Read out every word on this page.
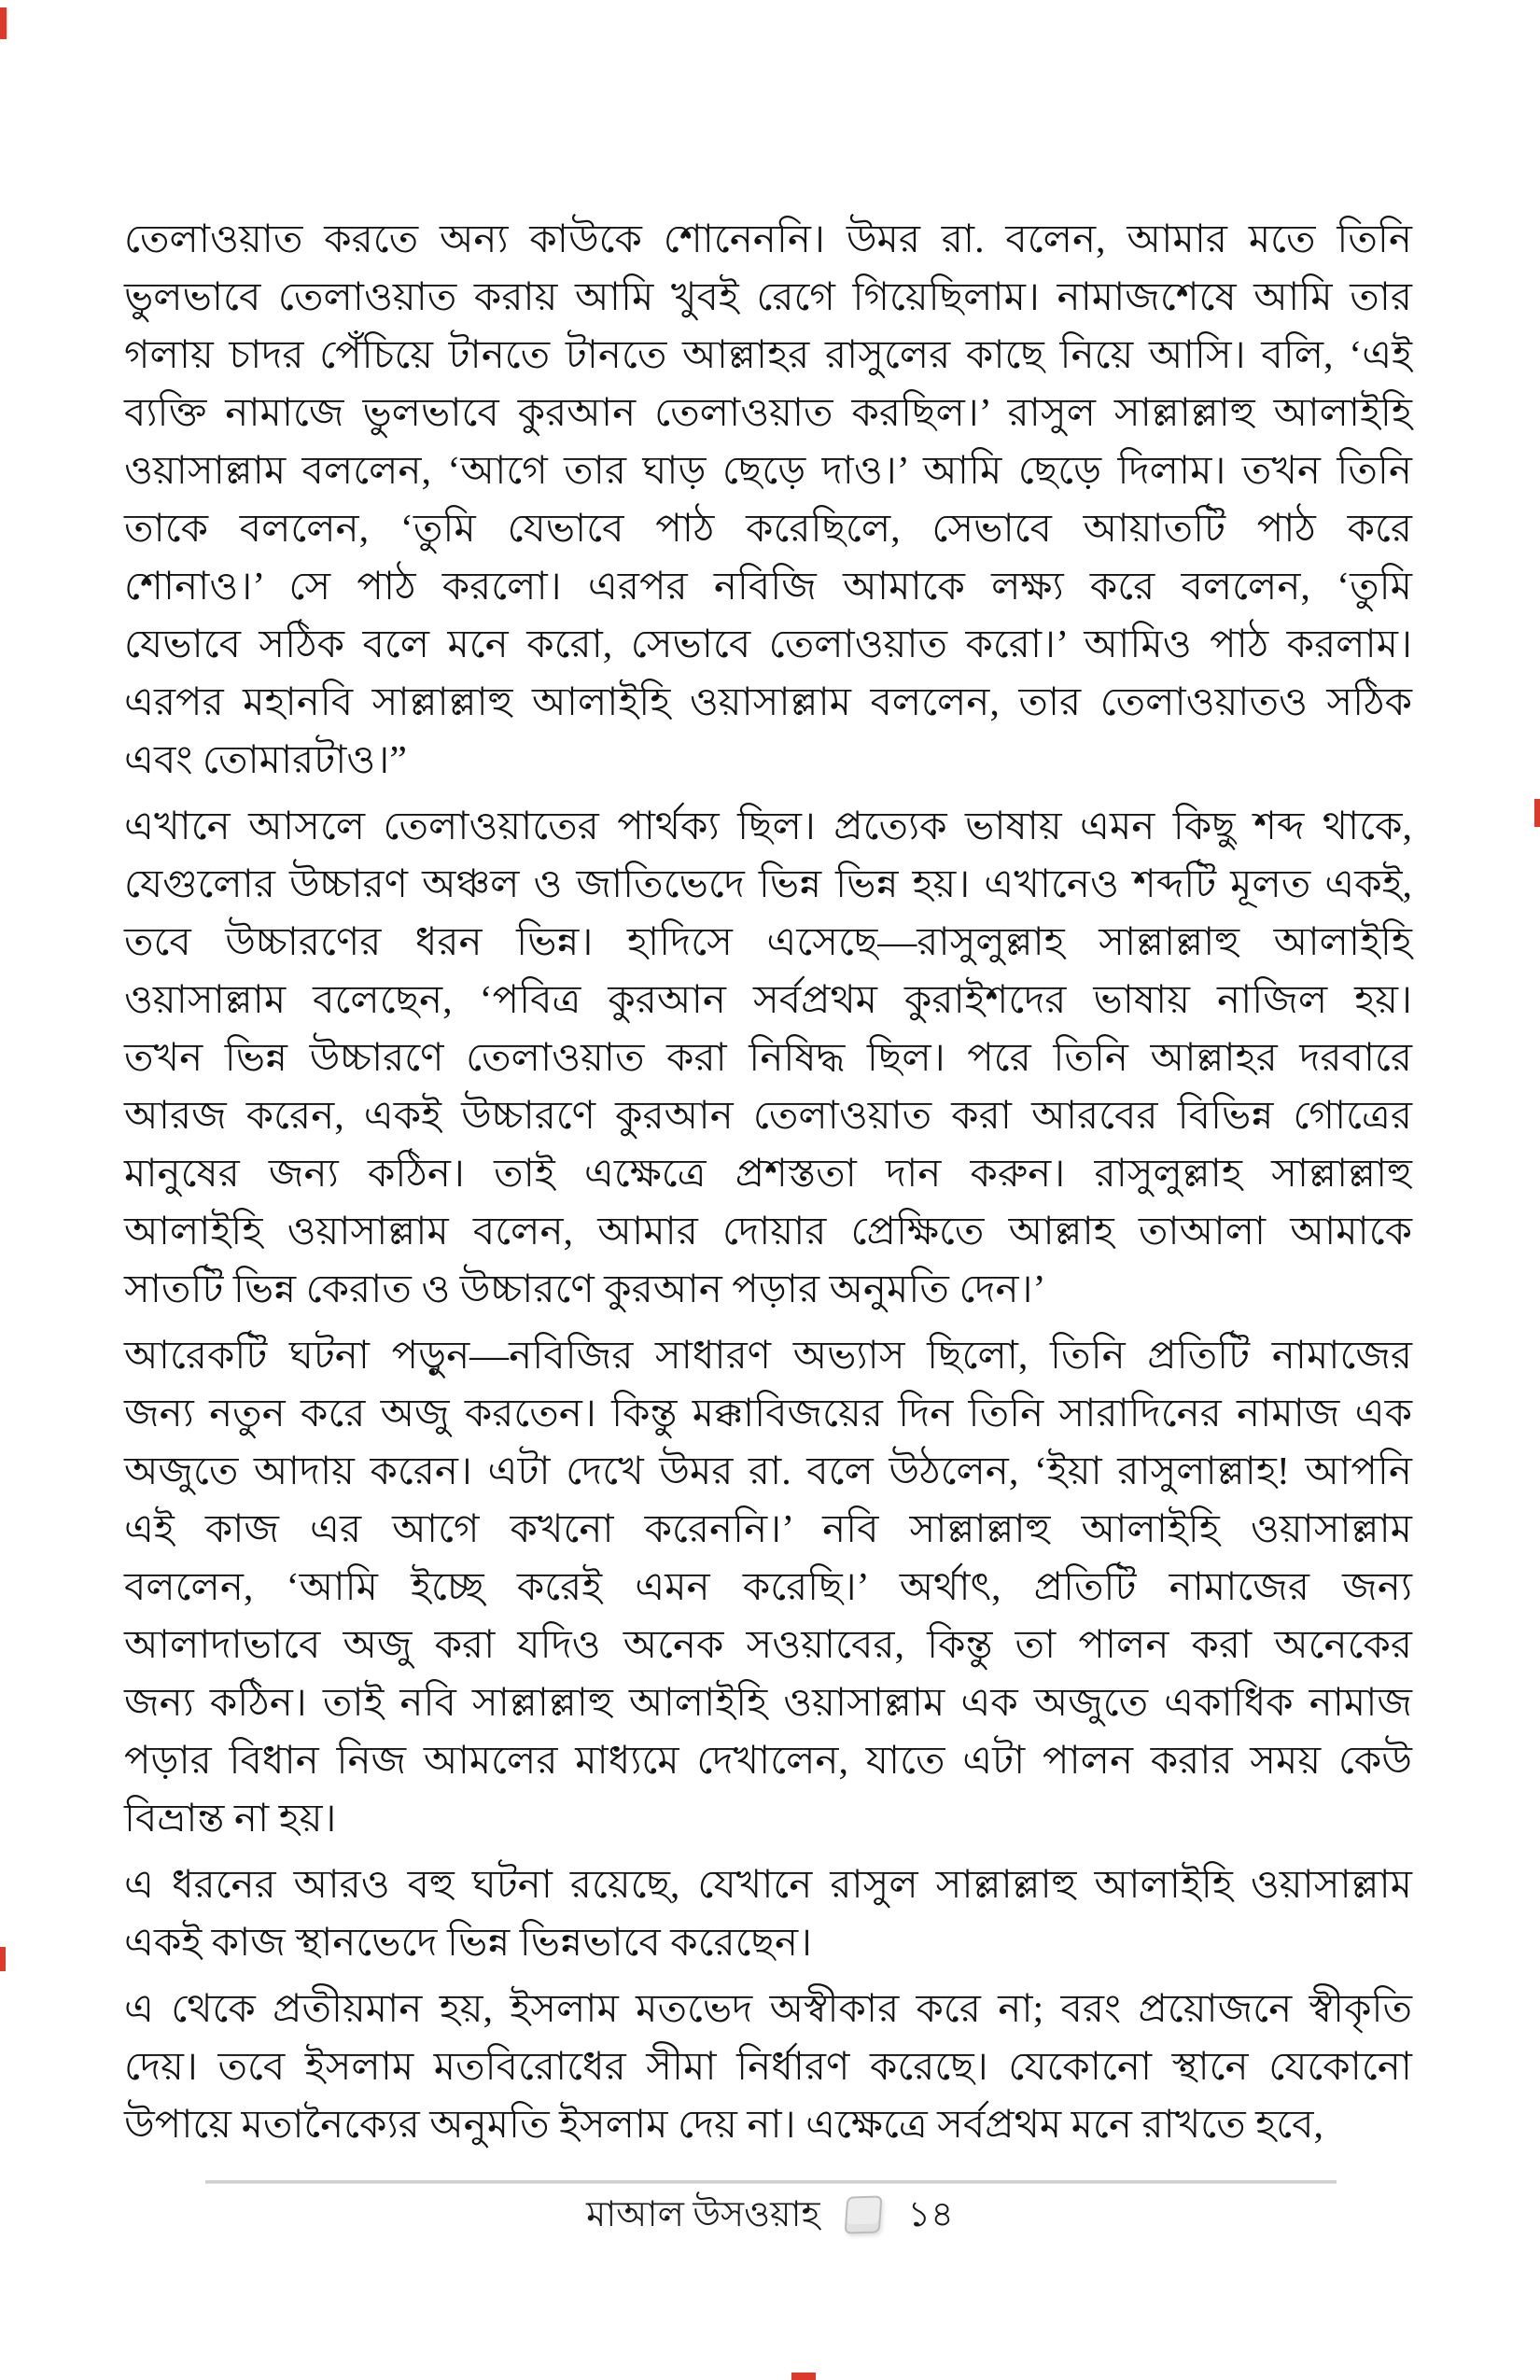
তেলাওয়াত করতে অন্য কাউকে শোনেননি। উমর রা. বলেন, আমার মতে তিনি
ভুলভাবে তেলাওয়াত করায় আমি খুবই রেগে গিয়েছিলাম। নামাজশেষে আমি তার
গলায় চাদর পেঁচিয়ে টানতে টানতে আল্লাহর রাসুলের কাছে নিয়ে আসি। বলি, ‘এই
ব্যক্তি নামাজে ভুলভাবে কুরআন তেলাওয়াত করছিল।’ রাসুল সাল্লাল্লাহু আলাইহি
ওয়াসাল্লাম বললেন, ‘আগে তার ঘাড় ছেড়ে দাও।’ আমি ছেড়ে দিলাম। তখন তিনি
তাকে বললেন, ‘তুমি যেভাবে পাঠ করেছিলে, সেভাবে আয়াতটি পাঠ করে
শোনাও।’ সে পাঠ করলো। এরপর নবিজি আমাকে লক্ষ্য করে বললেন, ‘তুমি
যেভাবে সঠিক বলে মনে করো, সেভাবে তেলাওয়াত করো।’ আমিও পাঠ করলাম।
এরপর মহানবি সাল্লাল্লাহু আলাইহি ওয়াসাল্লাম বললেন, তার তেলাওয়াতও সঠিক
এবং তোমারটাও।”
এখানে আসলে তেলাওয়াতের পার্থক্য ছিল। প্রত্যেক ভাষায় এমন কিছু শব্দ থাকে,
যেগুলোর উচ্চারণ অঞ্চল ও জাতিভেদে ভিন্ন ভিন্ন হয়। এখানেও শব্দটি মূলত একই,
তবে উচ্চারণের ধরন ভিন্ন। হাদিসে এসেছে—রাসুলুল্লাহ সাল্লাল্লাহু আলাইহি
ওয়াসাল্লাম বলেছেন, ‘পবিত্র কুরআন সর্বপ্রথম কুরাইশদের ভাষায় নাজিল হয়।
তখন ভিন্ন উচ্চারণে তেলাওয়াত করা নিষিদ্ধ ছিল। পরে তিনি আল্লাহর দরবারে
আরজ করেন, একই উচ্চারণে কুরআন তেলাওয়াত করা আরবের বিভিন্ন গোত্রের
মানুষের জন্য কঠিন। তাই এক্ষেত্রে প্রশস্ততা দান করুন। রাসুলুল্লাহ সাল্লাল্লাহু
আলাইহি ওয়াসাল্লাম বলেন, আমার দোয়ার প্রেক্ষিতে আল্লাহ তাআলা আমাকে
সাতটি ভিন্ন কেরাত ও উচ্চারণে কুরআন পড়ার অনুমতি দেন।’
আরেকটি ঘটনা পড়ুন—নবিজির সাধারণ অভ্যাস ছিলো, তিনি প্রতিটি নামাজের
জন্য নতুন করে অজু করতেন। কিন্তু মক্কাবিজয়ের দিন তিনি সারাদিনের নামাজ এক
অজুতে আদায় করেন। এটা দেখে উমর রা. বলে উঠলেন, ‘ইয়া রাসুলাল্লাহ! আপনি
এই কাজ এর আগে কখনো করেননি।’ নবি সাল্লাল্লাহু আলাইহি ওয়াসাল্লাম
বললেন, ‘আমি ইচ্ছে করেই এমন করেছি।’ অর্থাৎ, প্রতিটি নামাজের জন্য
আলাদাভাবে অজু করা যদিও অনেক সওয়াবের, কিন্তু তা পালন করা অনেকের
জন্য কঠিন। তাই নবি সাল্লাল্লাহু আলাইহি ওয়াসাল্লাম এক অজুতে একাধিক নামাজ
পড়ার বিধান নিজ আমলের মাধ্যমে দেখালেন, যাতে এটা পালন করার সময় কেউ
বিভ্রান্ত না হয়।
এ ধরনের আরও বহু ঘটনা রয়েছে, যেখানে রাসুল সাল্লাল্লাহু আলাইহি ওয়াসাল্লাম
একই কাজ স্থানভেদে ভিন্ন ভিন্নভাবে করেছেন।
এ থেকে প্রতীয়মান হয়, ইসলাম মতভেদ অস্বীকার করে না; বরং প্রয়োজনে স্বীকৃতি
দেয়। তবে ইসলাম মতবিরোধের সীমা নির্ধারণ করেছে। যেকোনো স্থানে যেকোনো
উপায়ে মতানৈক্যের অনুমতি ইসলাম দেয় না। এক্ষেত্রে সর্বপ্রথম মনে রাখতে হবে,
মাআল উসওয়াহ ১৪
